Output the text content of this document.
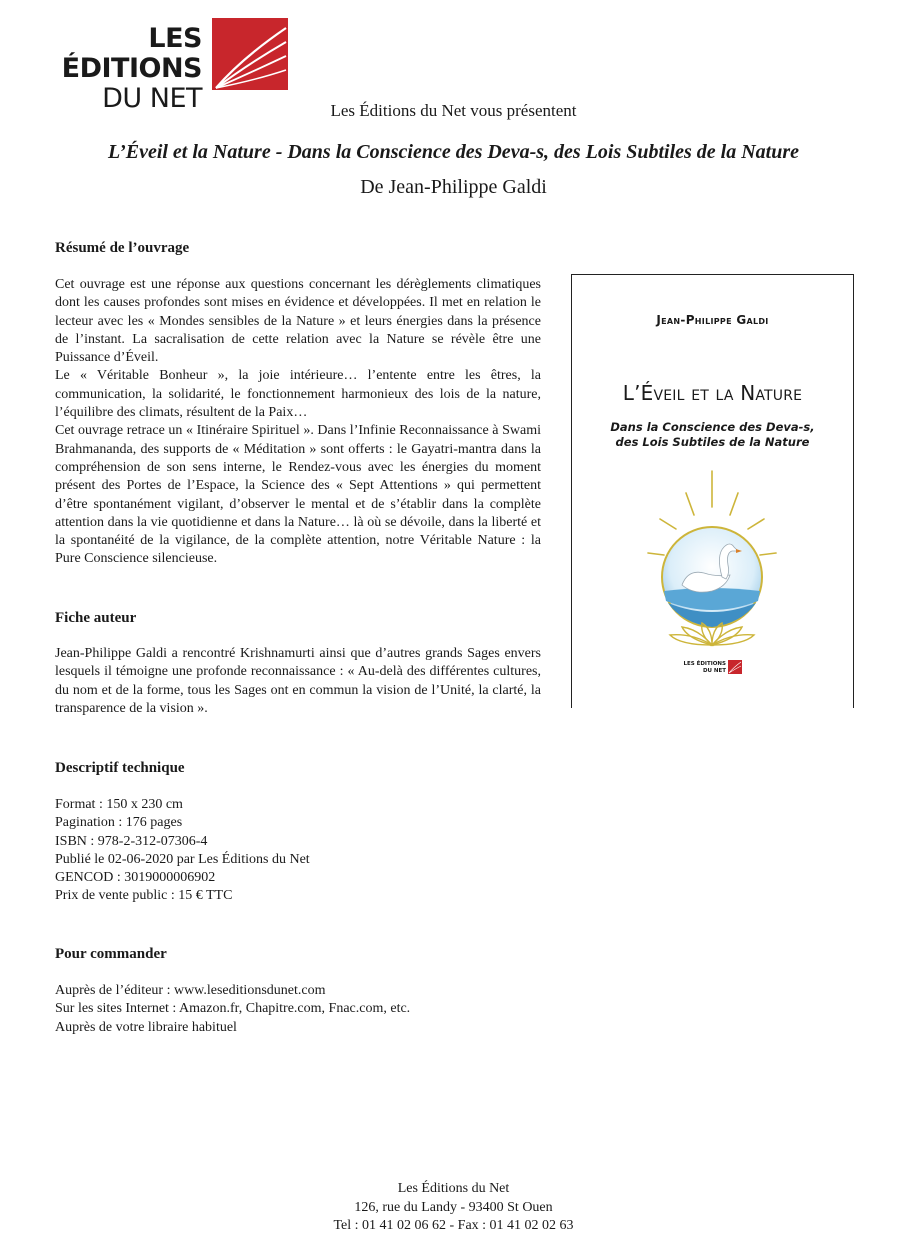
LES ÉDITIONS
DU NET	Les Éditions du Net vous présentent
L’Éveil et la Nature - Dans la Conscience des Deva-s, des Lois Subtiles de la Nature
De Jean-Philippe Galdi
Résumé de l’ouvrage

Cet ouvrage est une réponse aux questions concernant les dérèglements climatiques dont les causes profondes sont mises en évidence et développées. Il met en relation le lecteur avec les « Mondes sensibles de la Nature » et leurs énergies dans la présence de l’instant. La sacralisation de cette relation avec la Nature se révèle être une Puissance d’Éveil.

Le « Véritable Bonheur », la joie intérieure… l’entente entre les êtres, la communication, la solidarité, le fonctionnement harmonieux des lois de la nature, l’équilibre des climats, résultent de la Paix…

Cet ouvrage retrace un « Itinéraire Spirituel ». Dans l’Infinie Reconnaissance à Swami Brahmananda, des supports de « Méditation » sont offerts : le Gayatri-mantra dans la compréhension de son sens interne, le Rendez-vous avec les énergies du moment présent des Portes de l’Espace, la Science des « Sept Attentions » qui permettent d’être spontanément vigilant, d’observer le mental et de s’établir dans la complète attention dans la vie quotidienne et dans la Nature… là où se dévoile, dans la liberté et la spontanéité de la vigilance, de la complète attention, notre Véritable Nature : la Pure Conscience silencieuse.

Fiche auteur
Jean-Philippe Galdi a rencontré Krishnamurti ainsi que d’autres grands Sages envers lesquels il témoigne une profonde reconnaissance : « Au-delà des différentes cultures, du nom et de la forme, tous les Sages ont en commun la vision de l’Unité, la clarté, la transparence de la vision ».
Descriptif technique
Format : 150 x 230 cm
Pagination : 176 pages
ISBN : 978-2-312-07306-4
Publié le 02-06-2020 par Les Éditions du Net
GENCOD : 3019000006902
Prix de vente public : 15 € TTC
Pour commander
Auprès de l’éditeur : www.leseditionsdunet.com
Sur les sites Internet : Amazon.fr, Chapitre.com, Fnac.com, etc.
Auprès de votre libraire habituel
Jean-Philippe Galdi
L’Éveil et la Nature
Dans la Conscience des Deva-s,
des Lois Subtiles de la Nature
LES ÉDITIONS
DU NET
Les Éditions du Net
126, rue du Landy - 93400 St Ouen
Tel : 01 41 02 06 62 - Fax : 01 41 02 02 63
